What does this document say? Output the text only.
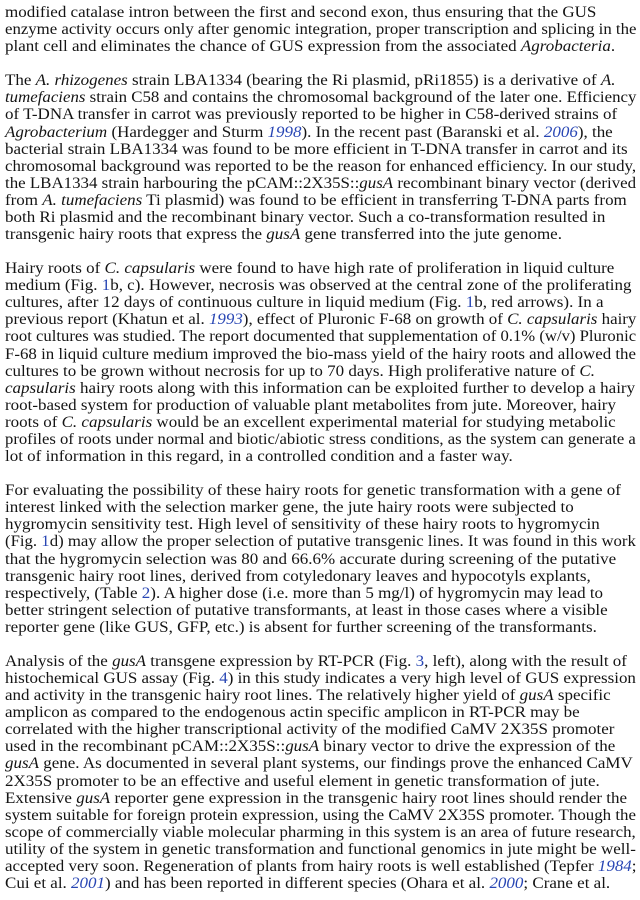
modified catalase intron between the first and second exon, thus ensuring that the GUS
enzyme activity occurs only after genomic integration, proper transcription and splicing in the
plant cell and eliminates the chance of GUS expression from the associated Agrobacteria.
The A. rhizogenes strain LBA1334 (bearing the Ri plasmid, pRi1855) is a derivative of A.
tumefaciens strain C58 and contains the chromosomal background of the later one. Efficiency
of T-DNA transfer in carrot was previously reported to be higher in C58-derived strains of
Agrobacterium (Hardegger and Sturm 1998). In the recent past (Baranski et al. 2006), the
bacterial strain LBA1334 was found to be more efficient in T-DNA transfer in carrot and its
chromosomal background was reported to be the reason for enhanced efficiency. In our study,
the LBA1334 strain harbouring the pCAM::2X35S::gusA recombinant binary vector (derived
from A. tumefaciens Ti plasmid) was found to be efficient in transferring T-DNA parts from
both Ri plasmid and the recombinant binary vector. Such a co-transformation resulted in
transgenic hairy roots that express the gusA gene transferred into the jute genome.
Hairy roots of C. capsularis were found to have high rate of proliferation in liquid culture
medium (Fig. 1b, c). However, necrosis was observed at the central zone of the proliferating
cultures, after 12 days of continuous culture in liquid medium (Fig. 1b, red arrows). In a
previous report (Khatun et al. 1993), effect of Pluronic F-68 on growth of C. capsularis hairy
root cultures was studied. The report documented that supplementation of 0.1% (w/v) Pluronic
F-68 in liquid culture medium improved the bio-mass yield of the hairy roots and allowed the
cultures to be grown without necrosis for up to 70 days. High proliferative nature of C.
capsularis hairy roots along with this information can be exploited further to develop a hairy
root-based system for production of valuable plant metabolites from jute. Moreover, hairy
roots of C. capsularis would be an excellent experimental material for studying metabolic
profiles of roots under normal and biotic/abiotic stress conditions, as the system can generate a
lot of information in this regard, in a controlled condition and a faster way.
For evaluating the possibility of these hairy roots for genetic transformation with a gene of
interest linked with the selection marker gene, the jute hairy roots were subjected to
hygromycin sensitivity test. High level of sensitivity of these hairy roots to hygromycin
(Fig. 1d) may allow the proper selection of putative transgenic lines. It was found in this work
that the hygromycin selection was 80 and 66.6% accurate during screening of the putative
transgenic hairy root lines, derived from cotyledonary leaves and hypocotyls explants,
respectively, (Table 2). A higher dose (i.e. more than 5 mg/l) of hygromycin may lead to
better stringent selection of putative transformants, at least in those cases where a visible
reporter gene (like GUS, GFP, etc.) is absent for further screening of the transformants.
Analysis of the gusA transgene expression by RT-PCR (Fig. 3, left), along with the result of
histochemical GUS assay (Fig. 4) in this study indicates a very high level of GUS expression
and activity in the transgenic hairy root lines. The relatively higher yield of gusA specific
amplicon as compared to the endogenous actin specific amplicon in RT-PCR may be
correlated with the higher transcriptional activity of the modified CaMV 2X35S promoter
used in the recombinant pCAM::2X35S::gusA binary vector to drive the expression of the
gusA gene. As documented in several plant systems, our findings prove the enhanced CaMV
2X35S promoter to be an effective and useful element in genetic transformation of jute.
Extensive gusA reporter gene expression in the transgenic hairy root lines should render the
system suitable for foreign protein expression, using the CaMV 2X35S promoter. Though the
scope of commercially viable molecular pharming in this system is an area of future research,
utility of the system in genetic transformation and functional genomics in jute might be well-
accepted very soon. Regeneration of plants from hairy roots is well established (Tepfer 1984;
Cui et al. 2001) and has been reported in different species (Ohara et al. 2000; Crane et al.
